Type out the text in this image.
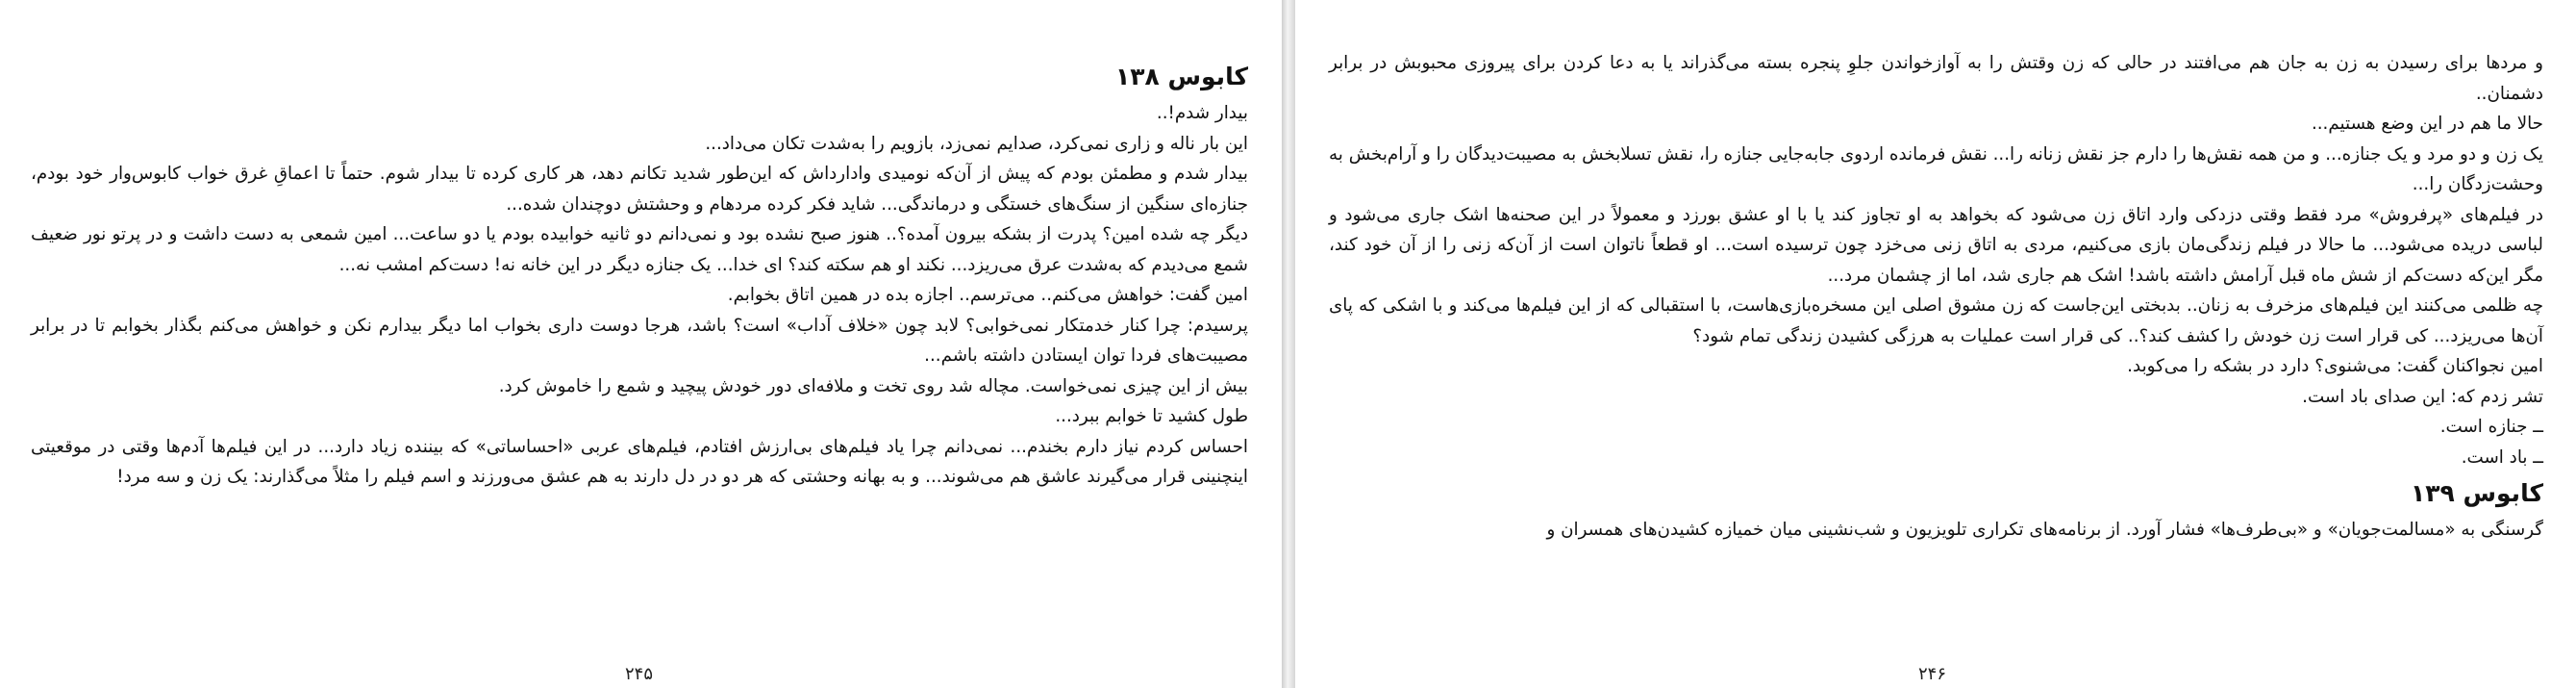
کابوس ۱۳۸

بیدار شدم!..

این بار ناله و زاری نمی‌کرد، صدایم نمی‌زد، بازویم را به‌شدت تکان می‌داد...

بیدار شدم و مطمئن بودم که پیش از آن‌که نومیدی وادارداش که این‌طور شدید تکانم دهد، هر کاری کرده تا بیدار شوم. حتماً تا اعماقِ غرق خواب کابوس‌وار خود بودم، جنازه‌ای سنگین از سنگ‌های خستگی و درماندگی... شاید فکر کرده مردهام و وحشتش دوچندان شده...

دیگر چه شده امین؟ پدرت از بشکه بیرون آمده؟.. هنوز صبح نشده بود و نمی‌دانم دو ثانیه خوابیده بودم یا دو ساعت... امین شمعی به دست داشت و در پرتو نور ضعیف شمع می‌دیدم که به‌شدت عرق می‌ریزد... نکند او هم سکته کند؟ ای خدا... یک جنازه دیگر در این خانه نه! دست‌کم امشب نه...

امین گفت: خواهش می‌کنم.. می‌ترسم.. اجازه بده در همین اتاق بخوابم.

پرسیدم: چرا کنار خدمتکار نمی‌خوابی؟ لابد چون «خلاف آداب» است؟ باشد، هرجا دوست داری بخواب اما دیگر بیدارم نکن و خواهش می‌کنم بگذار بخوابم تا در برابر مصیبت‌های فردا توان ایستادن داشته باشم...

بیش از این چیزی نمی‌خواست. مچاله شد روی تخت و ملافه‌ای دور خودش پیچید و شمع را خاموش کرد.

طول کشید تا خوابم ببرد...

احساس کردم نیاز دارم بخندم... نمی‌دانم چرا یاد فیلم‌های بی‌ارزش افتادم، فیلم‌های عربی «احساساتی» که بیننده زیاد دارد... در این فیلم‌ها آدم‌ها وقتی در موقعیتی اینچنینی قرار می‌گیرند عاشق هم می‌شوند... و به بهانه وحشتی که هر دو در دل دارند به هم عشق می‌ورزند و اسم فیلم را مثلاً می‌گذارند: یک زن و سه مرد!

۲۴۵

و مردها برای رسیدن به زن به جان هم می‌افتند در حالی که زن وقتش را به آوازخواندن جلوِ پنجره بسته می‌گذراند یا به دعا کردن برای پیروزی محبوبش در برابر دشمنان..

حالا ما هم در این وضع هستیم...

یک زن و دو مرد و یک جنازه... و من همه نقش‌ها را دارم جز نقش زنانه را... نقش فرمانده اردوی جابه‌جایی جنازه را، نقش تسلابخش به مصیبت‌دیدگان را و آرام‌بخش به وحشت‌زدگان را...

در فیلم‌های «پرفروش» مرد فقط وقتی دزدکی وارد اتاق زن می‌شود که بخواهد به او تجاوز کند یا با او عشق بورزد و معمولاً در این صحنه‌ها اشک جاری می‌شود و لباسی دریده می‌شود... ما حالا در فیلم زندگی‌مان بازی می‌کنیم، مردی به اتاق زنی می‌خزد چون ترسیده است... او قطعاً ناتوان است از آن‌که زنی را از آن خود کند، مگر این‌که دست‌کم از شش ماه قبل آرامش داشته باشد! اشک هم جاری شد، اما از چشمان مرد...

چه ظلمی می‌کنند این فیلم‌های مزخرف به زنان.. بدبختی این‌جاست که زن مشوق اصلی این مسخره‌بازی‌هاست، با استقبالی که از این فیلم‌ها می‌کند و با اشکی که پای آن‌ها می‌ریزد... کی قرار است زن خودش را کشف کند؟.. کی قرار است عملیات به هرزگی کشیدن زندگی تمام شود؟

امین نجواکنان گفت: می‌شنوی؟ دارد در بشکه را می‌کوبد.

تشر زدم که: این صدای باد است.

ــ جنازه است.

ــ باد است.

کابوس ۱۳۹

گرسنگی به «مسالمت‌جویان» و «بی‌طرف‌ها» فشار آورد. از برنامه‌های تکراری تلویزیون و شب‌نشینی میان خمیازه کشیدن‌های همسران و

۲۴۶
